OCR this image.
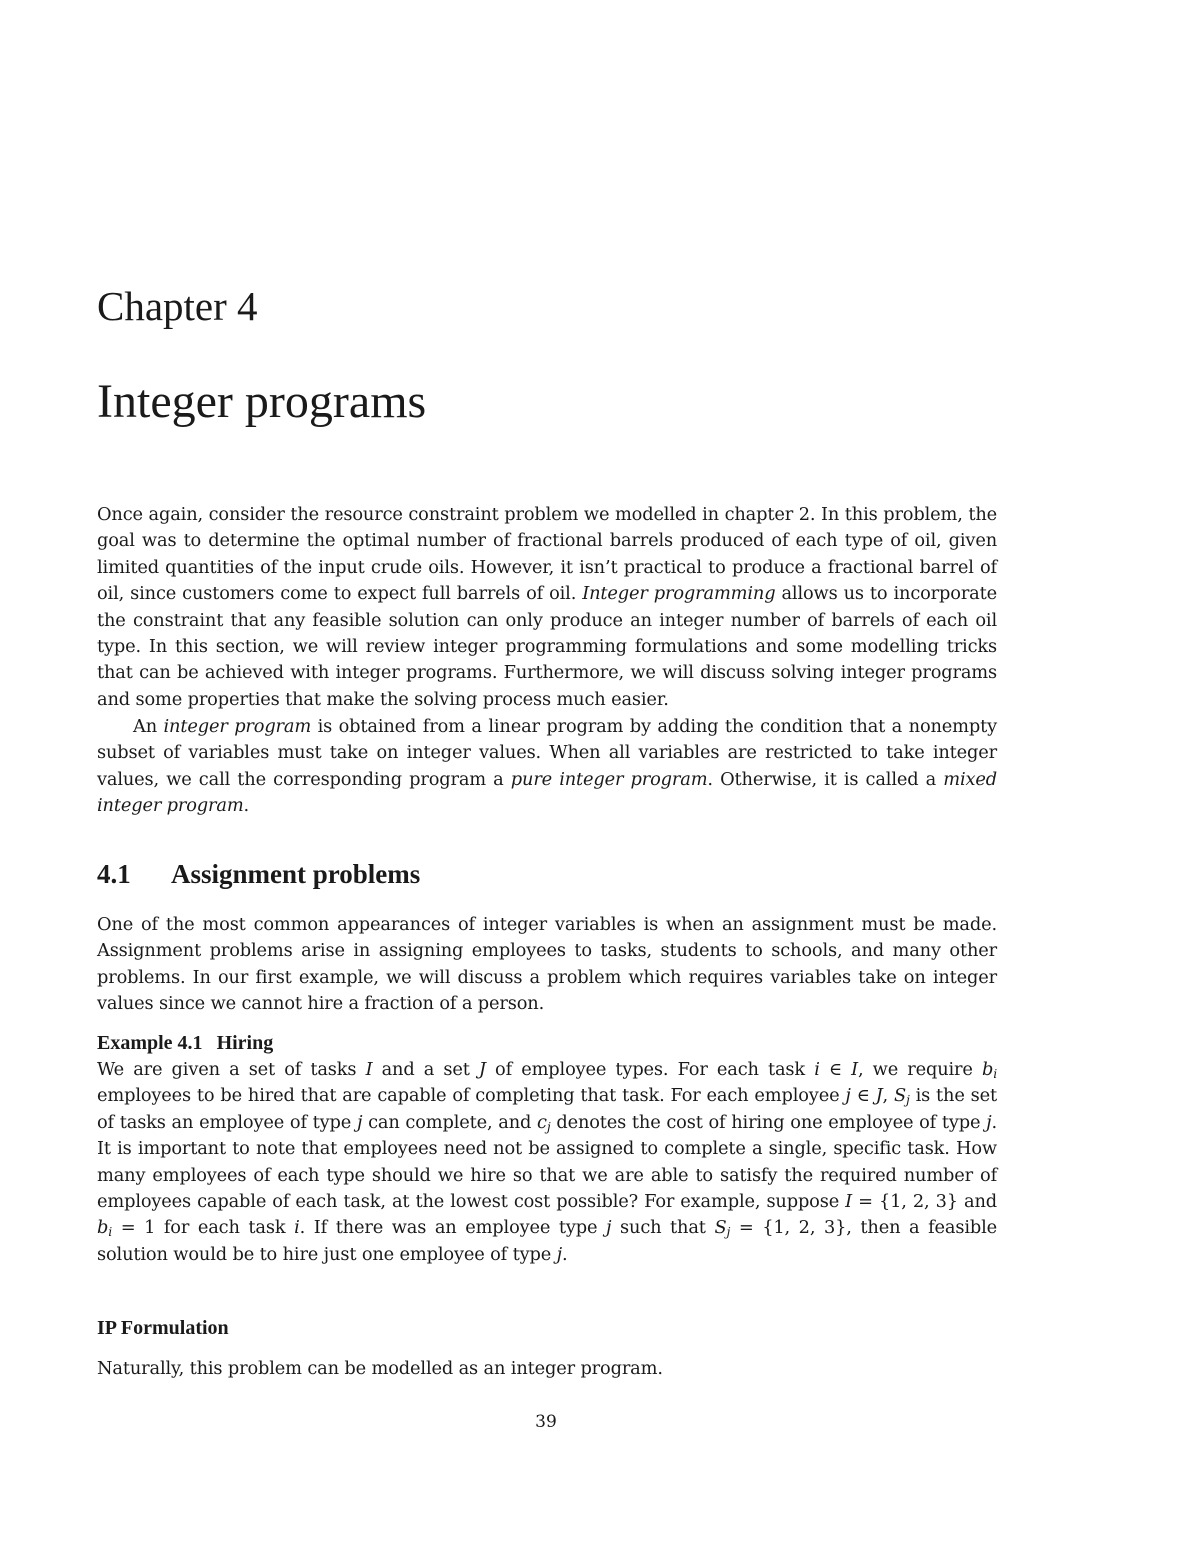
Chapter 4
Integer programs

Once again, consider the resource constraint problem we modelled in chapter 2. In this problem, the goal was to determine the optimal number of fractional barrels produced of each type of oil, given limited quantities of the input crude oils. However, it isn’t practical to produce a fractional barrel of oil, since customers come to expect full barrels of oil. Integer programming allows us to incorporate the constraint that any feasible solution can only produce an integer number of barrels of each oil type. In this section, we will review integer programming formulations and some modelling tricks that can be achieved with integer programs. Furthermore, we will discuss solving integer programs and some properties that make the solving process much easier.

An integer program is obtained from a linear program by adding the condition that a nonempty subset of variables must take on integer values. When all variables are restricted to take integer values, we call the corresponding program a pure integer program. Otherwise, it is called a mixed integer program.

4.1 Assignment problems

One of the most common appearances of integer variables is when an assignment must be made. Assignment problems arise in assigning employees to tasks, students to schools, and many other problems. In our first example, we will discuss a problem which requires variables take on integer values since we cannot hire a fraction of a person.

Example 4.1 Hiring

We are given a set of tasks I and a set J of employee types. For each task i ∈ I, we require $b_i$ employees to be hired that are capable of completing that task. For each employee j ∈ J, $S_j$ is the set of tasks an employee of type j can complete, and $c_j$ denotes the cost of hiring one employee of type j. It is important to note that employees need not be assigned to complete a single, specific task. How many employees of each type should we hire so that we are able to satisfy the required number of employees capable of each task, at the lowest cost possible? For example, suppose I = {1, 2, 3} and $b_i = 1$ for each task i. If there was an employee type j such that $S_j = \{1$, 2, 3}, then a feasible solution would be to hire just one employee of type j.

IP Formulation

Naturally, this problem can be modelled as an integer program.

39
